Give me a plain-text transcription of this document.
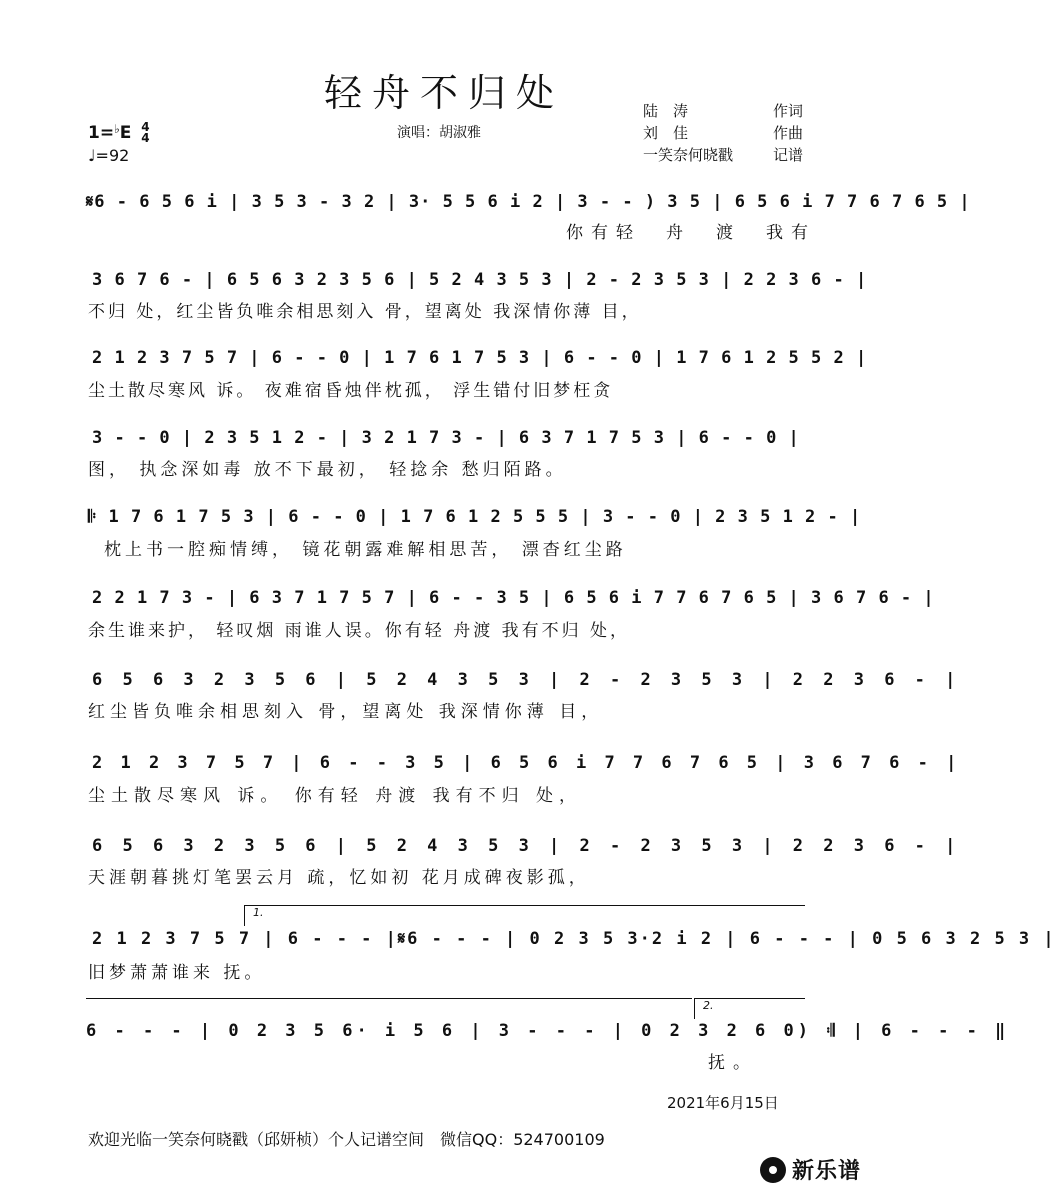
轻舟不归处	陆　涛	作词
刘　佳	作曲
一笑奈何晓戳	记谱
演唱：胡淑雅
1=♭E 4
4
♩=92
𝄋6 - 6 5 6 i | 3 5 3 - 3 2 | 3· 5 5 6 i 2 | 3 - - ) 3 5 | 6 5 6 i 7 7 6 7 6 5 |
你有轻　舟　渡　我有
3 6 7 6 - | 6 5 6 3 2 3 5 6 | 5 2 4 3 5 3 | 2 - 2 3 5 3 | 2 2 3 6 - |
不归 处，红尘皆负唯余相思刻入 骨，望离处 我深情你薄 目，
2 1 2 3 7 5 7 | 6 - - 0 | 1 7 6 1 7 5 3 | 6 - - 0 | 1 7 6 1 2 5 5 2 |
尘土散尽寒风 诉。 夜难宿昏烛伴枕孤， 浮生错付旧梦枉贪
3 - - 0 | 2 3 5 1 2 - | 3 2 1 7 3 - | 6 3 7 1 7 5 3 | 6 - - 0 |
图， 执念深如毒 放不下最初， 轻捻余 愁归陌路。
𝄆 1 7 6 1 7 5 3 | 6 - - 0 | 1 7 6 1 2 5 5 5 | 3 - - 0 | 2 3 5 1 2 - |
枕上书一腔痴情缚， 镜花朝露难解相思苦， 漂杳红尘路
2 2 1 7 3 - | 6 3 7 1 7 5 7 | 6 - - 3 5 | 6 5 6 i 7 7 6 7 6 5 | 3 6 7 6 - |
余生谁来护， 轻叹烟 雨谁人误。你有轻 舟渡 我有不归 处，
6 5 6 3 2 3 5 6 | 5 2 4 3 5 3 | 2 - 2 3 5 3 | 2 2 3 6 - |
红尘皆负唯余相思刻入 骨，望离处 我深情你薄 目，
2 1 2 3 7 5 7 | 6 - - 3 5 | 6 5 6 i 7 7 6 7 6 5 | 3 6 7 6 - |
尘土散尽寒风 诉。 你有轻 舟渡 我有不归 处，
6 5 6 3 2 3 5 6 | 5 2 4 3 5 3 | 2 - 2 3 5 3 | 2 2 3 6 - |
天涯朝暮挑灯笔罢云月 疏，忆如初 花月成碑夜影孤，
1.
2 1 2 3 7 5 7 | 6 - - - |𝄋6 - - - | 0 2 3 5 3·2 i 2 | 6 - - - | 0 5 6 3 2 5 3 |
旧梦萧萧谁来 抚。
2.
6 - - - | 0 2 3 5 6· i 5 6 | 3 - - - | 0 2 3 2 6 0) 𝄇 | 6 - - - ‖
抚。
2021年6月15日
欢迎光临一笑奈何晓戳（邱妍桢）个人记谱空间　微信QQ：524700109
新乐谱
